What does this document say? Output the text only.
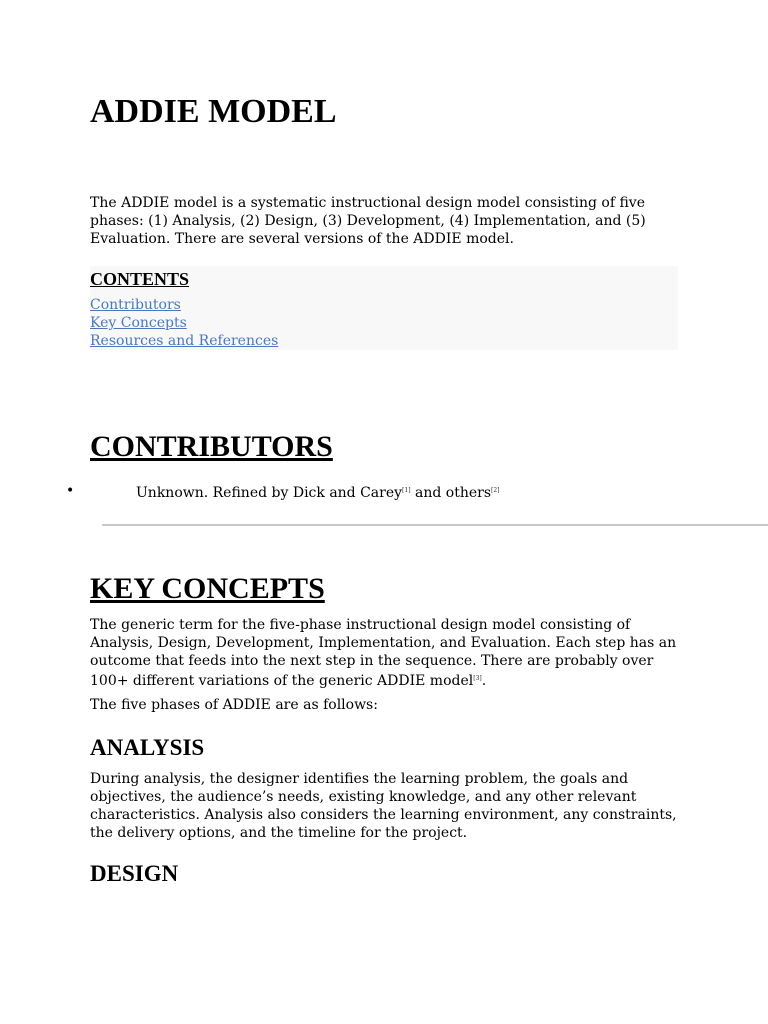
ADDIE MODEL

The ADDIE model is a systematic instructional design model consisting of five phases: (1) Analysis, (2) Design, (3) Development, (4) Implementation, and (5) Evaluation. There are several versions of the ADDIE model.

CONTENTS
Contributors
Key Concepts
Resources and References
CONTRIBUTORS
•	Unknown. Refined by Dick and Carey[1] and others[2]
KEY CONCEPTS

The generic term for the five-phase instructional design model consisting of Analysis, Design, Development, Implementation, and Evaluation. Each step has an outcome that feeds into the next step in the sequence. There are probably over 100+ different variations of the generic ADDIE model[3].

The five phases of ADDIE are as follows:

ANALYSIS

During analysis, the designer identifies the learning problem, the goals and objectives, the audience’s needs, existing knowledge, and any other relevant characteristics. Analysis also considers the learning environment, any constraints, the delivery options, and the timeline for the project.

DESIGN
